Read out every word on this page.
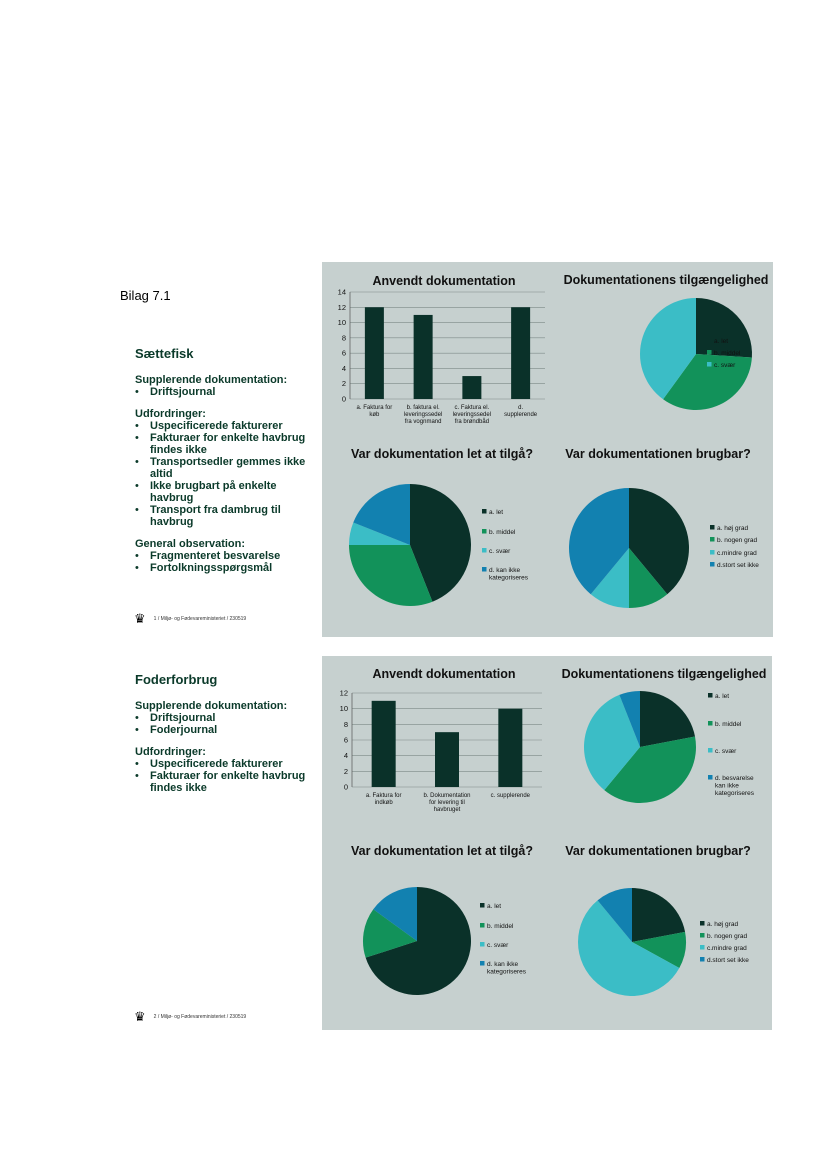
Bilag 7.1
Sættefisk
Supplerende dokumentation:
• Driftsjournal
Udfordringer:
• Uspecificerede fakturerer
• Fakturaer for enkelte havbrug findes ikke
• Transportsedler gemmes ikke altid
• Ikke brugbart på enkelte havbrug
• Transport fra dambrug til havbrug
General observation:
• Fragmenteret besvarelse
• Fortolkningsspørgsmål
♛ 1 / Miljø- og Fødevareministeriet / 230519
Anvendt dokumentation
0
2
4
6
8
10
12
14
a. Faktura for
køb
b. faktura el.
leveringssedel
fra vognmand
c. Faktura el.
leveringssedel
fra brøndbåd
d.
supplerende
Dokumentationens tilgængelighed
a. let
b. middel
c. svær
Var dokumentation let at tilgå?
a. let
b. middel
c. svær
d. kan ikke
kategoriseres
Var dokumentationen brugbar?
a. høj grad
b. nogen grad
c.mindre grad
d.stort set ikke
Foderforbrug
Supplerende dokumentation:
• Driftsjournal
• Foderjournal
Udfordringer:
• Uspecificerede fakturerer
• Fakturaer for enkelte havbrug findes ikke
♛ 2 / Miljø- og Fødevareministeriet / 230519
Anvendt dokumentation
0
2
4
6
8
10
12
a. Faktura for
indkøb
b. Dokumentation
for levering til
havbruget
c. supplerende
Dokumentationens tilgængelighed
a. let
b. middel
c. svær
d. besvarelse
kan ikke
kategoriseres
Var dokumentation let at tilgå?
a. let
b. middel
c. svær
d. kan ikke
kategoriseres
Var dokumentationen brugbar?
a. høj grad
b. nogen grad
c.mindre grad
d.stort set ikke
